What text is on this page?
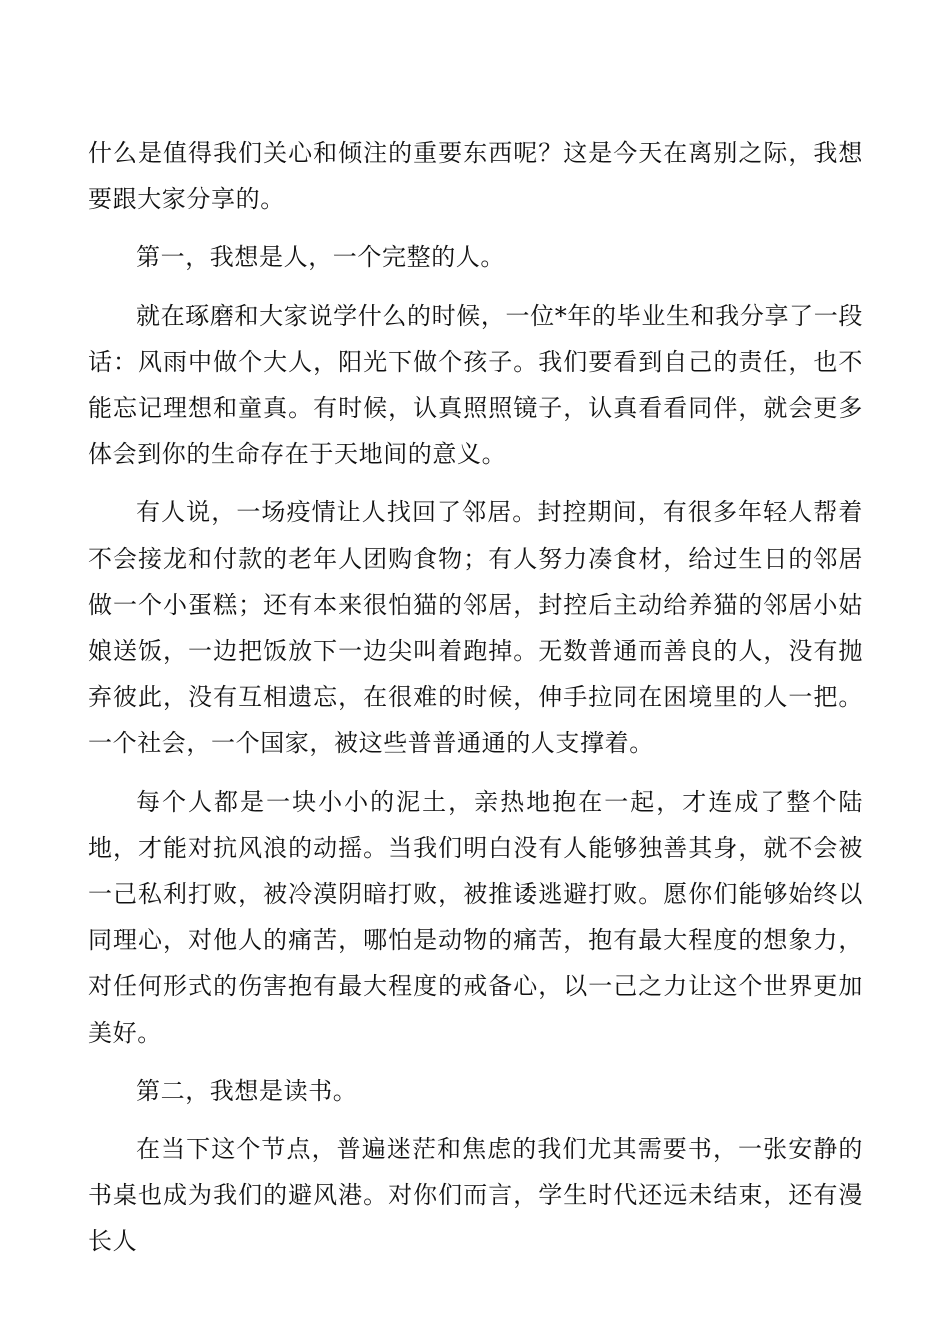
什么是值得我们关心和倾注的重要东西呢？这是今天在离别之际，我想要跟大家分享的。

第一，我想是人，一个完整的人。

就在琢磨和大家说学什么的时候，一位*年的毕业生和我分享了一段话：风雨中做个大人，阳光下做个孩子。我们要看到自己的责任，也不能忘记理想和童真。有时候，认真照照镜子，认真看看同伴，就会更多体会到你的生命存在于天地间的意义。

有人说，一场疫情让人找回了邻居。封控期间，有很多年轻人帮着不会接龙和付款的老年人团购食物；有人努力凑食材，给过生日的邻居做一个小蛋糕；还有本来很怕猫的邻居，封控后主动给养猫的邻居小姑娘送饭，一边把饭放下一边尖叫着跑掉。无数普通而善良的人，没有抛弃彼此，没有互相遗忘，在很难的时候，伸手拉同在困境里的人一把。一个社会，一个国家，被这些普普通通的人支撑着。

每个人都是一块小小的泥土，亲热地抱在一起，才连成了整个陆地，才能对抗风浪的动摇。当我们明白没有人能够独善其身，就不会被一己私利打败，被冷漠阴暗打败，被推诿逃避打败。愿你们能够始终以同理心，对他人的痛苦，哪怕是动物的痛苦，抱有最大程度的想象力，对任何形式的伤害抱有最大程度的戒备心，以一己之力让这个世界更加美好。

第二，我想是读书。

在当下这个节点，普遍迷茫和焦虑的我们尤其需要书，一张安静的书桌也成为我们的避风港。对你们而言，学生时代还远未结束，还有漫长人
